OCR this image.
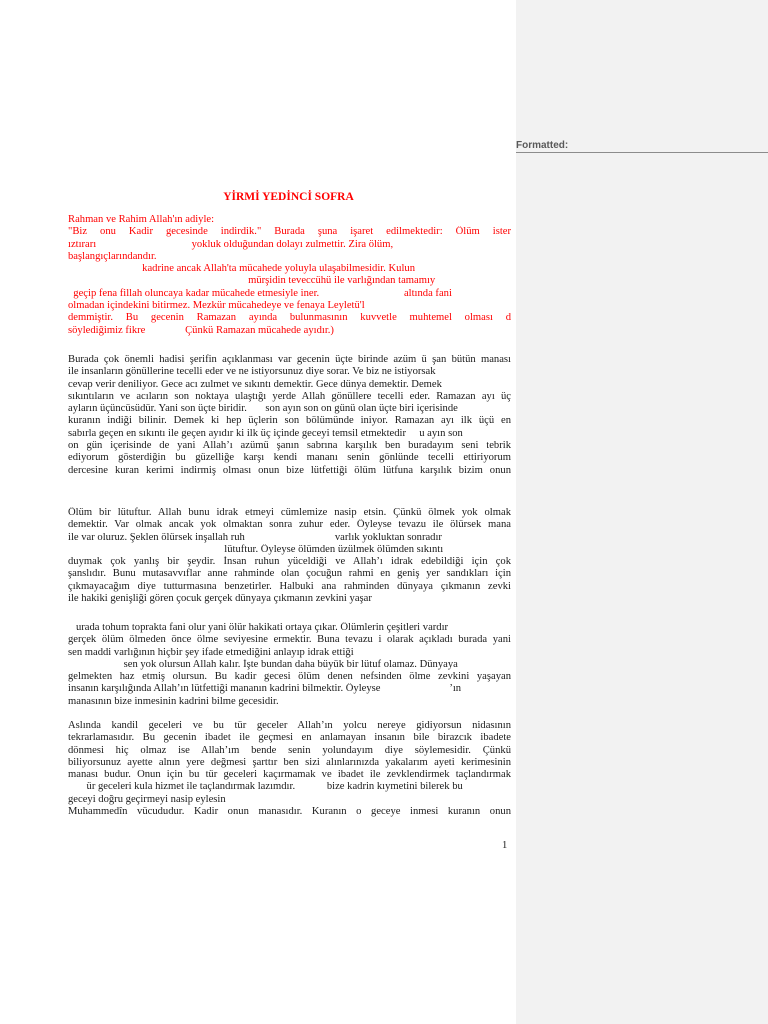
Formatted:
YİRMİ YEDİNCİ SOFRA
Rahman ve Rahim Allah'ın adiyle:
"Biz onu Kadir gecesinde indirdik." Burada şuna işaret edilmektedir: Ölüm ister
ıztırarı                                    yokluk olduğundan dolayı zulmettir. Zira ölüm,
başlangıçlarındandır.
kadrine ancak Allah'ta mücahede yoluyla ulaşabilmesidir. Kulun
mürşidin teveccühü ile varlığından tamamıy
geçip fena fillah oluncaya kadar mücahede etmesiyle iner.                                altında fani
olmadan içindekini bitirmez. Mezkür mücahedeye ve fenaya Leyletü'l
demmiştir. Bu gecenin Ramazan ayında bulunmasının kuvvetle muhtemel olması d
söylediğimiz fikre               Çünkü Ramazan mücahede ayıdır.)
Burada çok önemli hadisi şerifin açıklanması var gecenin üçte birinde azüm ü şan bütün manası
ile insanların gönüllerine tecelli eder ve ne istiyorsunuz diye sorar. Ve biz ne istiyorsak
cevap verir deniliyor. Gece acı zulmet ve sıkıntı demektir. Gece dünya demektir. Demek
sıkıntıların ve acıların son noktaya ulaştığı yerde Allah gönüllere tecelli eder. Ramazan ayı üç
ayların üçüncüsüdür. Yani son üçte biridir.       son ayın son on günü olan üçte biri içerisinde
kuranın indiği bilinir. Demek ki hep üçlerin son bölümünde iniyor. Ramazan ayı ilk üçü en
sabırla geçen en sıkıntı ile geçen ayıdır ki ilk üç içinde geceyi temsil etmektedir     u ayın son
on gün içerisinde de yani Allah’ı azümü şanın sabrına karşılık ben buradayım seni tebrik
ediyorum gösterdiğin bu güzelliğe karşı kendi mananı senin gönlünde tecelli ettiriyorum
dercesine kuran kerimi indirmiş olması onun bize lütfettiği ölüm lütfuna karşılık bizim onun
Ölüm bir lütuftur. Allah bunu idrak etmeyi cümlemize nasip etsin. Çünkü ölmek yok olmak
demektir. Var olmak ancak yok olmaktan sonra zuhur eder. Öyleyse tevazu ile ölürsek mana
ile var oluruz. Şeklen ölürsek inşallah ruh                                  varlık yokluktan sonradır
lütuftur. Öyleyse ölümden üzülmek ölümden sıkıntı
duymak çok yanlış bir şeydir. İnsan ruhun yüceldiği ve Allah’ı idrak edebildiği için çok
şanslıdır. Bunu mutasavvıflar anne rahminde olan çocuğun rahmi en geniş yer sandıkları için
çıkmayacağım diye tutturmasına benzetirler. Halbuki ana rahminden dünyaya çıkmanın zevki
ile hakiki genişliği gören çocuk gerçek dünyaya çıkmanın zevkini yaşar
urada tohum toprakta fani olur yani ölür hakikati ortaya çıkar. Ölümlerin çeşitleri vardır
gerçek ölüm ölmeden önce ölme seviyesine ermektir. Buna tevazu i olarak açıkladı burada yani
sen maddi varlığının hiçbir şey ifade etmediğini anlayıp idrak ettiği
sen yok olursun Allah kalır. İşte bundan daha büyük bir lütuf olamaz. Dünyaya
gelmekten haz etmiş olursun. Bu kadir gecesi ölüm denen nefsinden ölme zevkini yaşayan
insanın karşılığında Allah’ın lütfettiği mananın kadrini bilmektir. Öyleyse                          ’ın
manasının bize inmesinin kadrini bilme gecesidir.
Aslında kandil geceleri ve bu tür geceler Allah’ın yolcu nereye gidiyorsun nidasının
tekrarlamasıdır. Bu gecenin ibadet ile geçmesi en anlamayan insanın bile birazcık ibadete
dönmesi hiç olmaz ise Allah’ım bende senin yolundayım diye söylemesidir. Çünkü
biliyorsunuz ayette alnın yere değmesi şarttır ben sizi alınlarınızda yakalarım ayeti kerimesinin
manası budur. Onun için bu tür geceleri kaçırmamak ve ibadet ile zevklendirmek taçlandırmak
ür geceleri kula hizmet ile taçlandırmak lazımdır.            bize kadrin kıymetini bilerek bu
geceyi doğru geçirmeyi nasip eylesin
Muhammedîn vücududur. Kadir onun manasıdır. Kuranın o geceye inmesi kuranın onun
1
